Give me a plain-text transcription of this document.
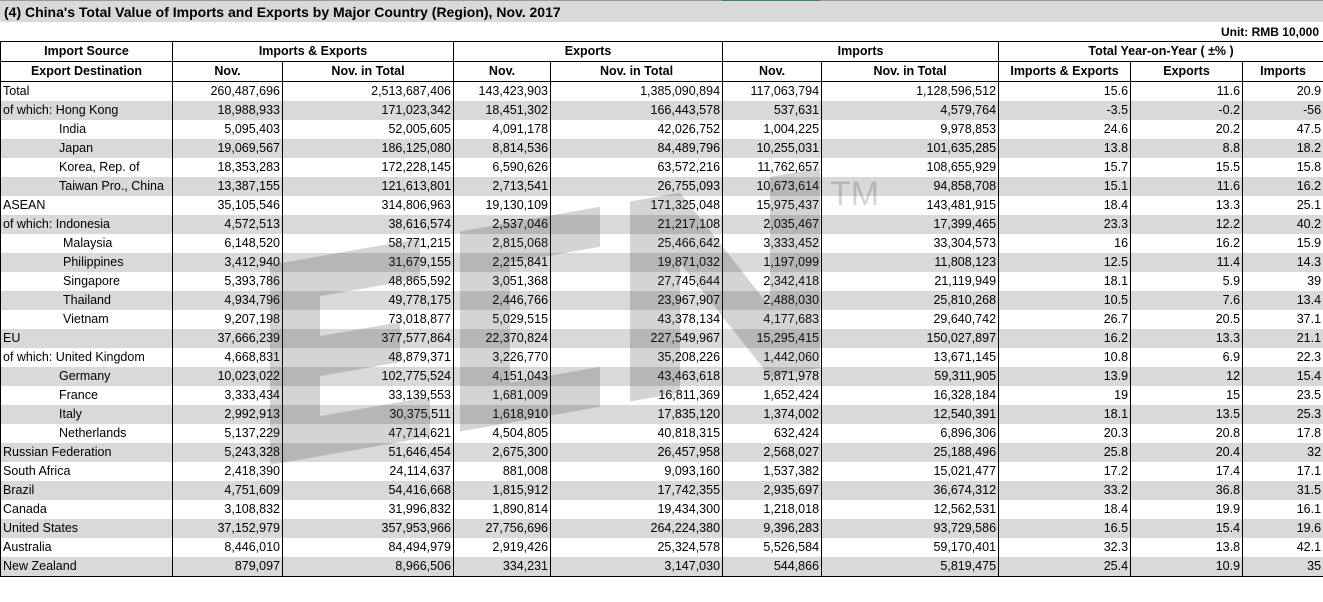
(4) China's Total Value of Imports and Exports by Major Country (Region), Nov. 2017
Unit: RMB 10,000
Import Source	Imports & Exports		Exports		Imports		Total Year-on-Year ( ±% )		
Export Destination	Nov.	Nov. in Total	Nov.	Nov. in Total	Nov.	Nov. in Total	Imports & Exports	Exports	Imports
Total	260,487,696	2,513,687,406	143,423,903	1,385,090,894	117,063,794	1,128,596,512	15.6	11.6	20.9
of which: Hong Kong	18,988,933	171,023,342	18,451,302	166,443,578	537,631	4,579,764	-3.5	-0.2	-56
India	5,095,403	52,005,605	4,091,178	42,026,752	1,004,225	9,978,853	24.6	20.2	47.5
Japan	19,069,567	186,125,080	8,814,536	84,489,796	10,255,031	101,635,285	13.8	8.8	18.2
Korea, Rep. of	18,353,283	172,228,145	6,590,626	63,572,216	11,762,657	108,655,929	15.7	15.5	15.8
Taiwan Pro., China	13,387,155	121,613,801	2,713,541	26,755,093	10,673,614	94,858,708	15.1	11.6	16.2
ASEAN	35,105,546	314,806,963	19,130,109	171,325,048	15,975,437	143,481,915	18.4	13.3	25.1
of which: Indonesia	4,572,513	38,616,574	2,537,046	21,217,108	2,035,467	17,399,465	23.3	12.2	40.2
Malaysia	6,148,520	58,771,215	2,815,068	25,466,642	3,333,452	33,304,573	16	16.2	15.9
Philippines	3,412,940	31,679,155	2,215,841	19,871,032	1,197,099	11,808,123	12.5	11.4	14.3
Singapore	5,393,786	48,865,592	3,051,368	27,745,644	2,342,418	21,119,949	18.1	5.9	39
Thailand	4,934,796	49,778,175	2,446,766	23,967,907	2,488,030	25,810,268	10.5	7.6	13.4
Vietnam	9,207,198	73,018,877	5,029,515	43,378,134	4,177,683	29,640,742	26.7	20.5	37.1
EU	37,666,239	377,577,864	22,370,824	227,549,967	15,295,415	150,027,897	16.2	13.3	21.1
of which: United Kingdom	4,668,831	48,879,371	3,226,770	35,208,226	1,442,060	13,671,145	10.8	6.9	22.3
Germany	10,023,022	102,775,524	4,151,043	43,463,618	5,871,978	59,311,905	13.9	12	15.4
France	3,333,434	33,139,553	1,681,009	16,811,369	1,652,424	16,328,184	19	15	23.5
Italy	2,992,913	30,375,511	1,618,910	17,835,120	1,374,002	12,540,391	18.1	13.5	25.3
Netherlands	5,137,229	47,714,621	4,504,805	40,818,315	632,424	6,896,306	20.3	20.8	17.8
Russian Federation	5,243,328	51,646,454	2,675,300	26,457,958	2,568,027	25,188,496	25.8	20.4	32
South Africa	2,418,390	24,114,637	881,008	9,093,160	1,537,382	15,021,477	17.2	17.4	17.1
Brazil	4,751,609	54,416,668	1,815,912	17,742,355	2,935,697	36,674,312	33.2	36.8	31.5
Canada	3,108,832	31,996,832	1,890,814	19,434,300	1,218,018	12,562,531	18.4	19.9	16.1
United States	37,152,979	357,953,966	27,756,696	264,224,380	9,396,283	93,729,586	16.5	15.4	19.6
Australia	8,446,010	84,494,979	2,919,426	25,324,578	5,526,584	59,170,401	32.3	13.8	42.1
New Zealand	879,097	8,966,506	334,231	3,147,030	544,866	5,819,475	25.4	10.9	35
TM
